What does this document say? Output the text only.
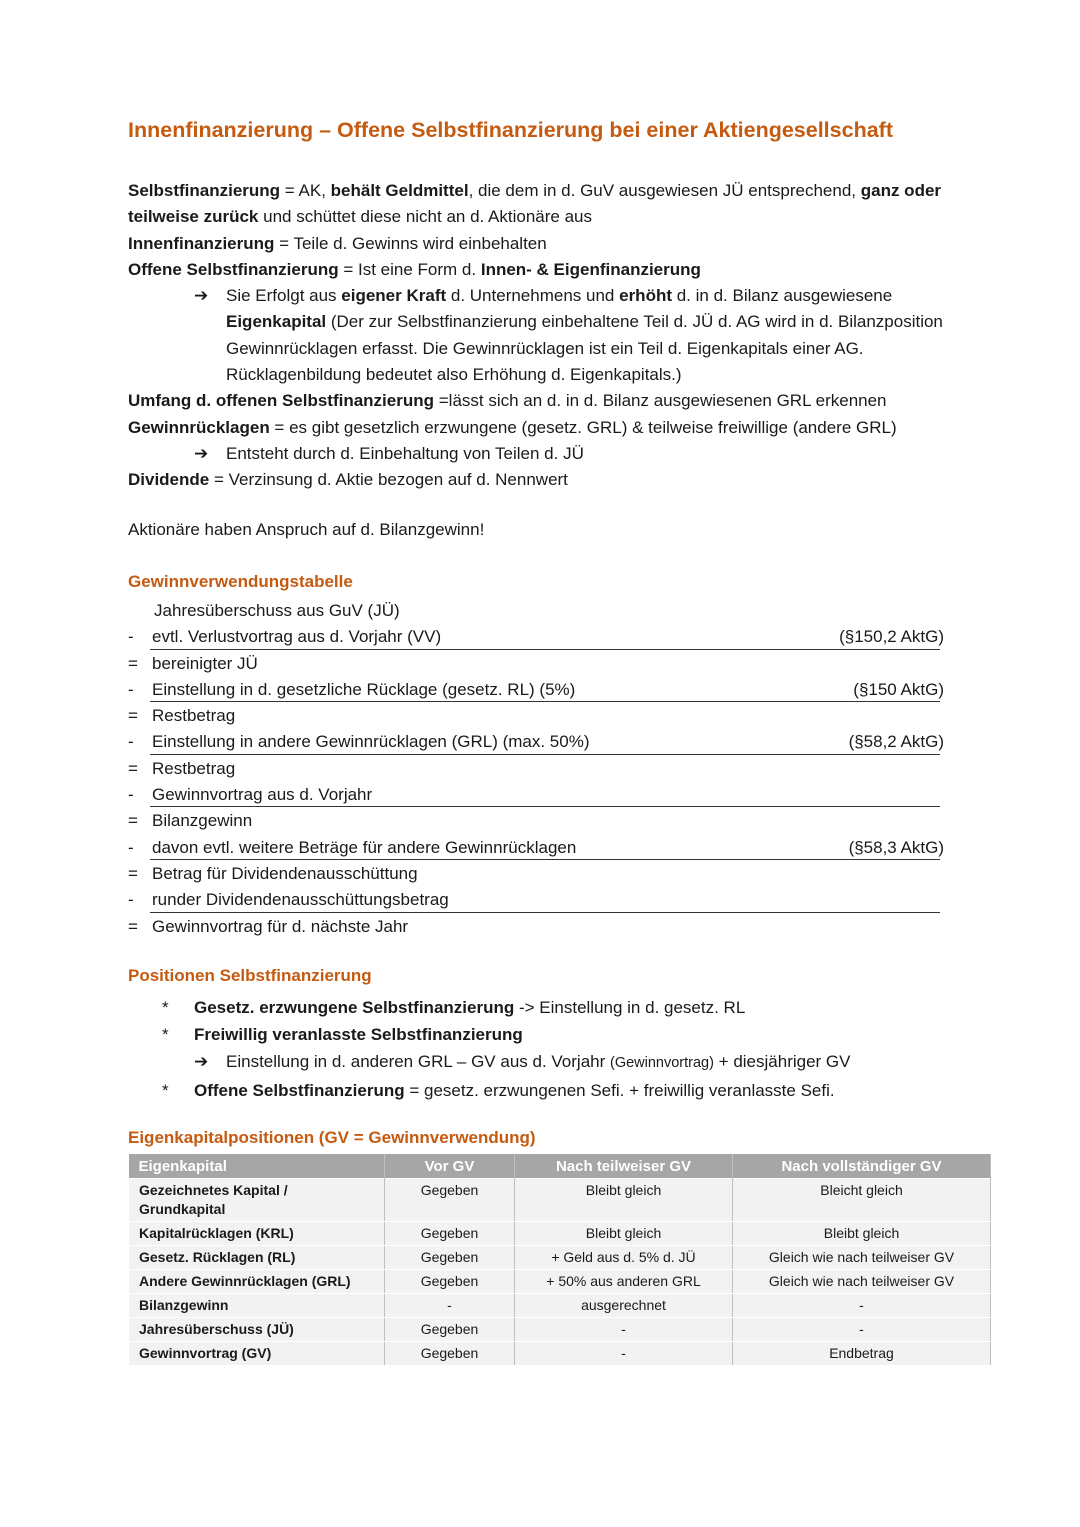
Innenfinanzierung – Offene Selbstfinanzierung bei einer Aktiengesellschaft

Selbstfinanzierung = AK, behält Geldmittel, die dem in d. GuV ausgewiesen JÜ entsprechend, ganz oder teilweise zurück und schüttet diese nicht an d. Aktionäre aus

Innenfinanzierung = Teile d. Gewinns wird einbehalten

Offene Selbstfinanzierung = Ist eine Form d. Innen- & Eigenfinanzierung

➔ Sie Erfolgt aus eigener Kraft d. Unternehmens und erhöht d. in d. Bilanz ausgewiesene Eigenkapital (Der zur Selbstfinanzierung einbehaltene Teil d. JÜ d. AG wird in d. Bilanzposition Gewinnrücklagen erfasst. Die Gewinnrücklagen ist ein Teil d. Eigenkapitals einer AG. Rücklagenbildung bedeutet also Erhöhung d. Eigenkapitals.)

Umfang d. offenen Selbstfinanzierung =lässt sich an d. in d. Bilanz ausgewiesenen GRL erkennen

Gewinnrücklagen = es gibt gesetzlich erzwungene (gesetz. GRL) & teilweise freiwillige (andere GRL)

➔ Entsteht durch d. Einbehaltung von Teilen d. JÜ

Dividende = Verzinsung d. Aktie bezogen auf d. Nennwert

Aktionäre haben Anspruch auf d. Bilanzgewinn!
Gewinnverwendungstabelle
Jahresüberschuss aus GuV (JÜ)
-	evtl. Verlustvortrag aus d. Vorjahr (VV)	(§150,2 AktG)
= bereinigter JÜ
-	Einstellung in d. gesetzliche Rücklage (gesetz. RL) (5%)	(§150 AktG)
= Restbetrag
-	Einstellung in andere Gewinnrücklagen (GRL) (max. 50%)	(§58,2 AktG)
= Restbetrag
-	Gewinnvortrag aus d. Vorjahr
= Bilanzgewinn
-	davon evtl. weitere Beträge für andere Gewinnrücklagen	(§58,3 AktG)
= Betrag für Dividendenausschüttung
-	runder Dividendenausschüttungsbetrag
= Gewinnvortrag für d. nächste Jahr
Positionen Selbstfinanzierung
* Gesetz. erzwungene Selbstfinanzierung -> Einstellung in d. gesetz. RL
* Freiwillig veranlasste Selbstfinanzierung
➔ Einstellung in d. anderen GRL – GV aus d. Vorjahr (Gewinnvortrag) + diesjähriger GV
* Offene Selbstfinanzierung = gesetz. erzwungenen Sefi. + freiwillig veranlasste Sefi.
Eigenkapitalpositionen (GV = Gewinnverwendung)
Eigenkapital	Vor GV	Nach teilweiser GV	Nach vollständiger GV
Gezeichnetes Kapital / Grundkapital	Gegeben	Bleibt gleich	Bleicht gleich
Kapitalrücklagen (KRL)	Gegeben	Bleibt gleich	Bleibt gleich
Gesetz. Rücklagen (RL)	Gegeben	+ Geld aus d. 5% d. JÜ	Gleich wie nach teilweiser GV
Andere Gewinnrücklagen (GRL)	Gegeben	+ 50% aus anderen GRL	Gleich wie nach teilweiser GV
Bilanzgewinn	-	ausgerechnet	-
Jahresüberschuss (JÜ)	Gegeben	-	-
Gewinnvortrag (GV)	Gegeben	-	Endbetrag
